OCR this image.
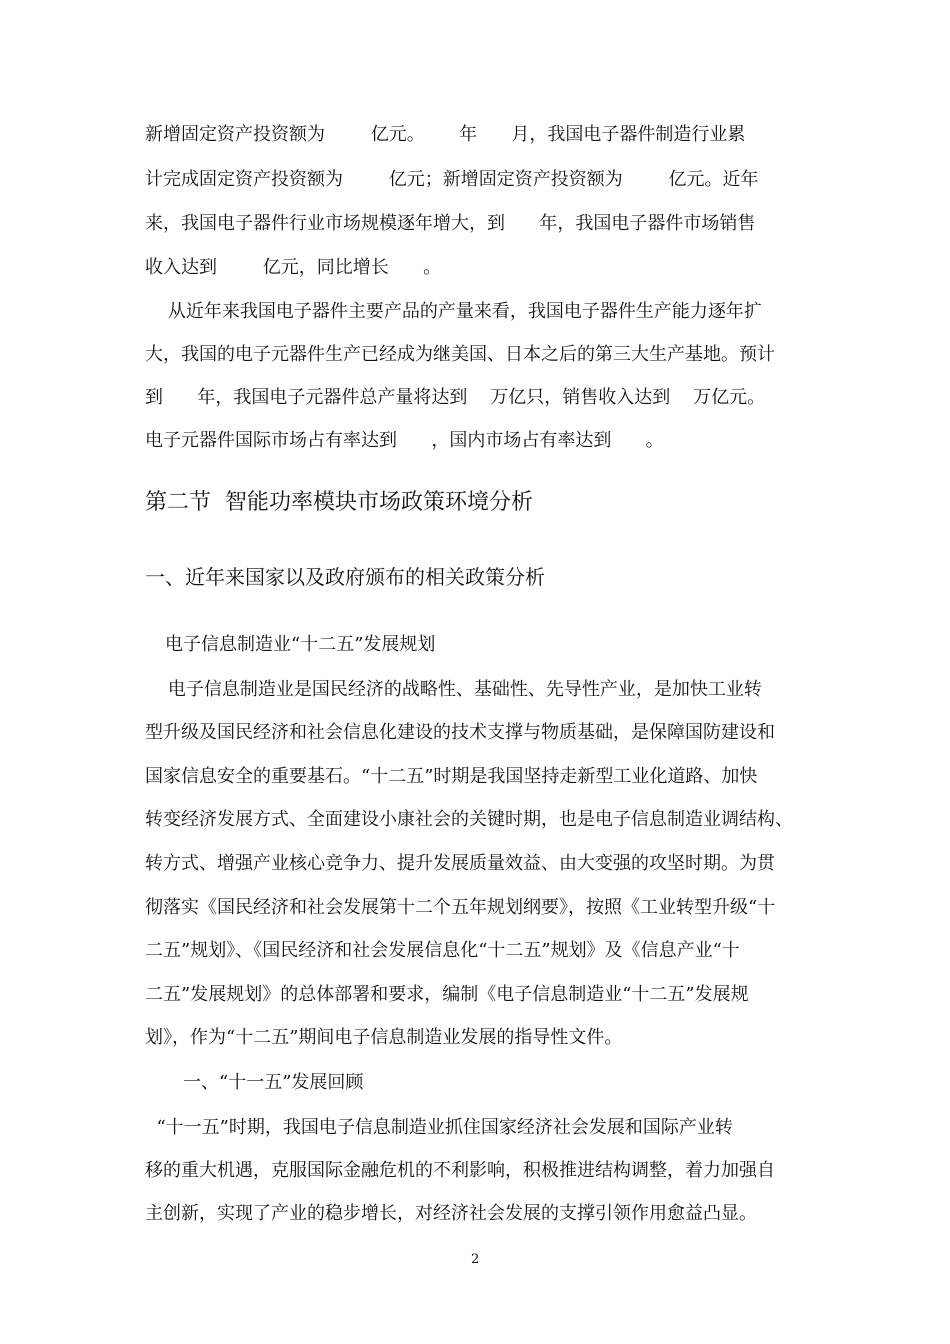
新增固定资产投资额为        亿元。      年      月，我国电子器件制造行业累
计完成固定资产投资额为        亿元；新增固定资产投资额为        亿元。近年
来，我国电子器件行业市场规模逐年增大，到      年，我国电子器件市场销售
收入达到        亿元，同比增长      。
从近年来我国电子器件主要产品的产量来看，我国电子器件生产能力逐年扩
大，我国的电子元器件生产已经成为继美国、日本之后的第三大生产基地。预计
到      年，我国电子元器件总产量将达到    万亿只，销售收入达到    万亿元。
电子元器件国际市场占有率达到      ，国内市场占有率达到      。
第二节  智能功率模块市场政策环境分析
一、近年来国家以及政府颁布的相关政策分析
电子信息制造业“十二五”发展规划
电子信息制造业是国民经济的战略性、基础性、先导性产业，是加快工业转
型升级及国民经济和社会信息化建设的技术支撑与物质基础，是保障国防建设和
国家信息安全的重要基石。“十二五”时期是我国坚持走新型工业化道路、加快
转变经济发展方式、全面建设小康社会的关键时期，也是电子信息制造业调结构、
转方式、增强产业核心竞争力、提升发展质量效益、由大变强的攻坚时期。为贯
彻落实《国民经济和社会发展第十二个五年规划纲要》，按照《工业转型升级“十
二五”规划》、《国民经济和社会发展信息化“十二五”规划》及《信息产业“十
二五”发展规划》的总体部署和要求，编制《电子信息制造业“十二五”发展规
划》，作为“十二五”期间电子信息制造业发展的指导性文件。
一、“十一五”发展回顾
“十一五”时期，我国电子信息制造业抓住国家经济社会发展和国际产业转
移的重大机遇，克服国际金融危机的不利影响，积极推进结构调整，着力加强自
主创新，实现了产业的稳步增长，对经济社会发展的支撑引领作用愈益凸显。
2
